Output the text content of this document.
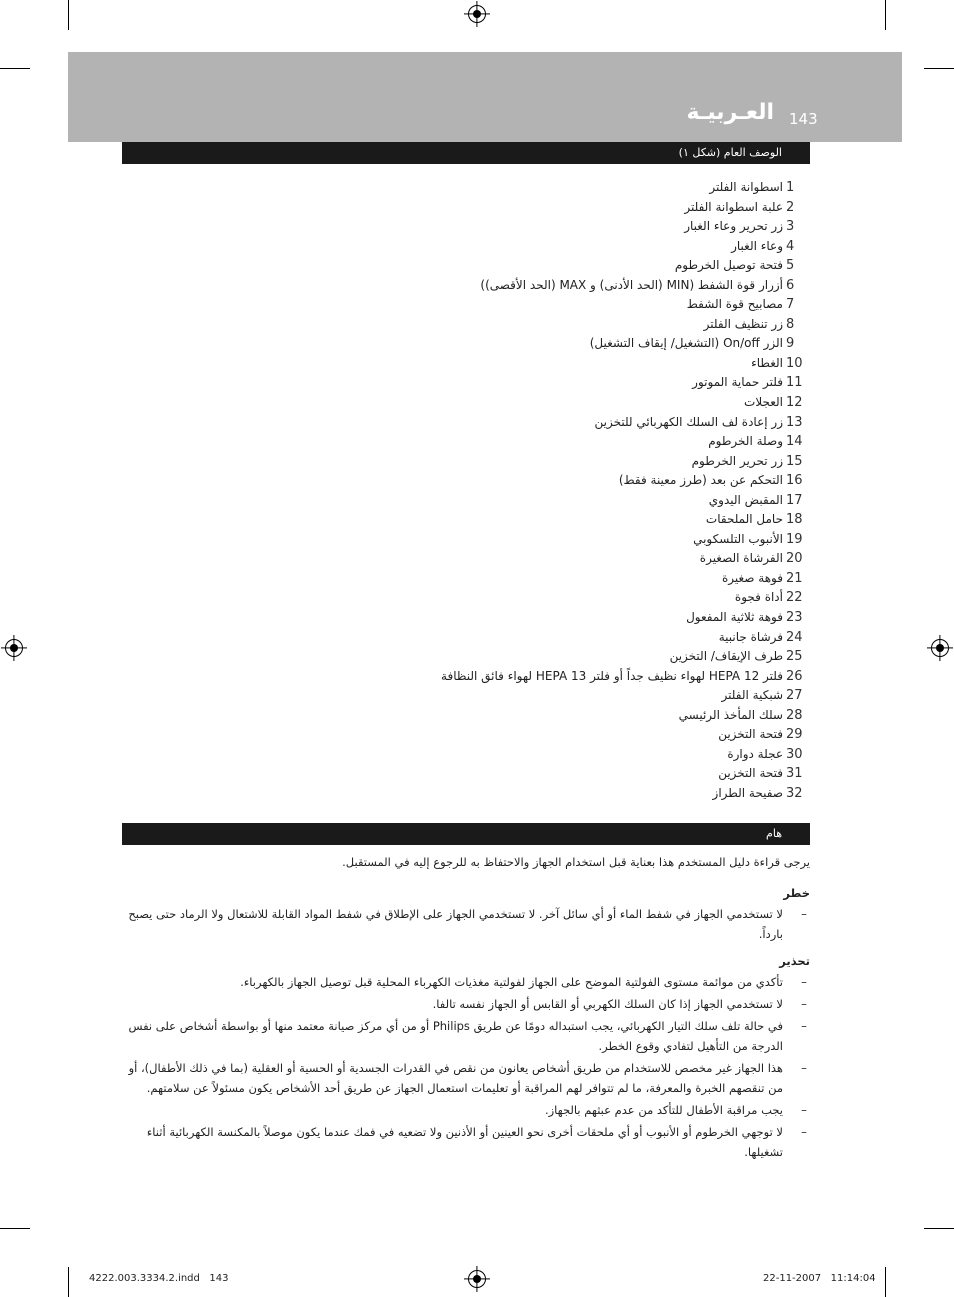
143
العـربيـة
الوصف العام (شكل ١)
1
اسطوانة الفلتر
2
علبة اسطوانة الفلتر
3
زر تحرير وعاء الغبار
4
وعاء الغبار
5
فتحة توصيل الخرطوم
6
أزرار قوة الشفط (MIN (الحد الأدنى) و MAX (الحد الأقصى))
7
مصابيح قوة الشفط
8
زر تنظيف الفلتر
9
الزر On/off (التشغيل/ إيقاف التشغيل)
10
الغطاء
11
فلتر حماية الموتور
12
العجلات
13
زر إعادة لف السلك الكهربائي للتخزين
14
وصلة الخرطوم
15
زر تحرير الخرطوم
16
التحكم عن بعد (طرز معينة فقط)
17
المقبض اليدوي
18
حامل الملحقات
19
الأنبوب التلسكوبي
20
الفرشاة الصغيرة
21
فوهة صغيرة
22
أداة فجوة
23
فوهة ثلاثية المفعول
24
فرشاة جانبية
25
طرف الإيقاف/ التخزين
26
فلتر HEPA 12 لهواء نظيف جداً أو فلتر HEPA 13 لهواء فائق النظافة
27
شبكية الفلتر
28
سلك المأخذ الرئيسي
29
فتحة التخزين
30
عجلة دوارة
31
فتحة التخزين
32
صفيحة الطراز
هام
يرجى قراءة دليل المستخدم هذا بعناية قبل استخدام الجهاز والاحتفاظ به للرجوع إليه في المستقبل.
خطر
–
لا تستخدمي الجهاز في شفط الماء أو أي سائل آخر. لا تستخدمي الجهاز على الإطلاق في شفط المواد القابلة للاشتعال ولا الرماد حتى يصبح بارداً.
تحذير
–
تأكدي من موائمة مستوى الفولتية الموضح على الجهاز لفولتية مغذيات الكهرباء المحلية قبل توصيل الجهاز بالكهرباء.
–
لا تستخدمي الجهاز إذا كان السلك الكهربي أو القابس أو الجهاز نفسه تالفا.
–
في حالة تلف سلك التيار الكهربائي، يجب استبداله دومًا عن طريق Philips أو من أي مركز صيانة معتمد منها أو بواسطة أشخاص على نفس الدرجة من التأهيل لتفادي وقوع الخطر.
–
هذا الجهاز غير مخصص للاستخدام من طريق أشخاص يعانون من نقص في القدرات الجسدية أو الحسية أو العقلية (بما في ذلك الأطفال)، أو من تنقصهم الخبرة والمعرفة، ما لم تتوافر لهم المراقبة أو تعليمات استعمال الجهاز عن طريق أحد الأشخاص يكون مسئولاً عن سلامتهم.
–
يجب مراقبة الأطفال للتأكد من عدم عبثهم بالجهاز.
–
لا توجهي الخرطوم أو الأنبوب أو أي ملحقات أخرى نحو العينين أو الأذنين ولا تضعيه في فمك عندما يكون موصلاً بالمكنسة الكهربائية أثناء تشغيلها.
4222.003.3334.2.indd   143	22-11-2007   11:14:04
